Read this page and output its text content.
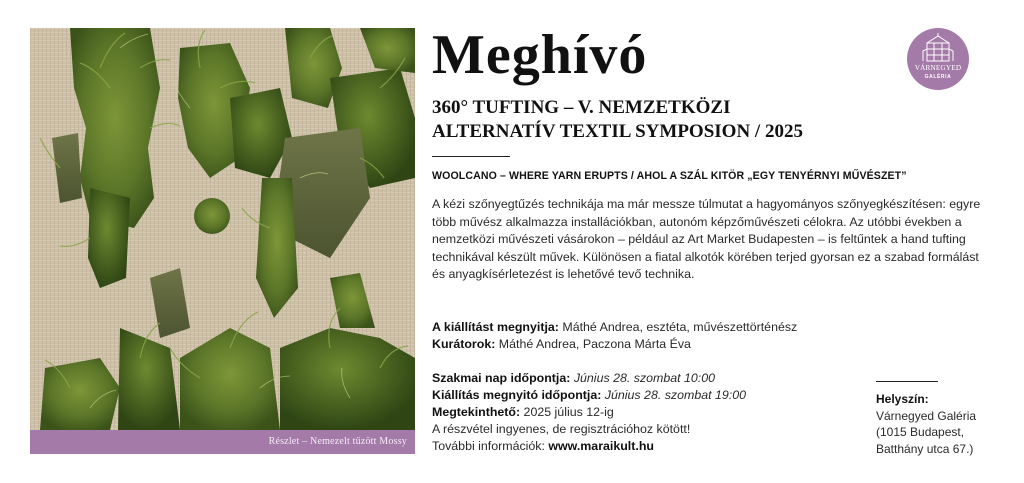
Részlet – Nemezelt tűzött Mossy
Meghívó
360° TUFTING – V. NEMZETKÖZI
ALTERNATÍV TEXTIL SYMPOSION / 2025
WOOLCANO – WHERE YARN ERUPTS / AHOL A SZÁL KITÖR „EGY TENYÉRNYI MŰVÉSZET”

A kézi szőnyegtűzés technikája ma már messze túlmutat a hagyományos szőnyegkészítésen: egyre több művész alkalmazza installációkban, autonóm képzőművészeti célokra. Az utóbbi években a nemzetközi művészeti vásárokon – például az Art Market Budapesten – is feltűntek a hand tufting technikával készült művek. Különösen a fiatal alkotók körében terjed gyorsan ez a szabad formálást és anyagkísérletezést is lehetővé tevő technika.

A kiállítást megnyitja: Máthé Andrea, esztéta, művészettörténész
Kurátorok: Máthé Andrea, Paczona Márta Éva
Szakmai nap időpontja: Június 28. szombat 10:00
Kiállítás megnyitó időpontja: Június 28. szombat 19:00
Megtekinthető: 2025 július 12-ig
A részvétel ingyenes, de regisztrációhoz kötött!
További információk: www.maraikult.hu
Helyszín:
Várnegyed Galéria
(1015 Budapest,
Batthány utca 67.)
VÁRNEGYED
GALÉRIA
